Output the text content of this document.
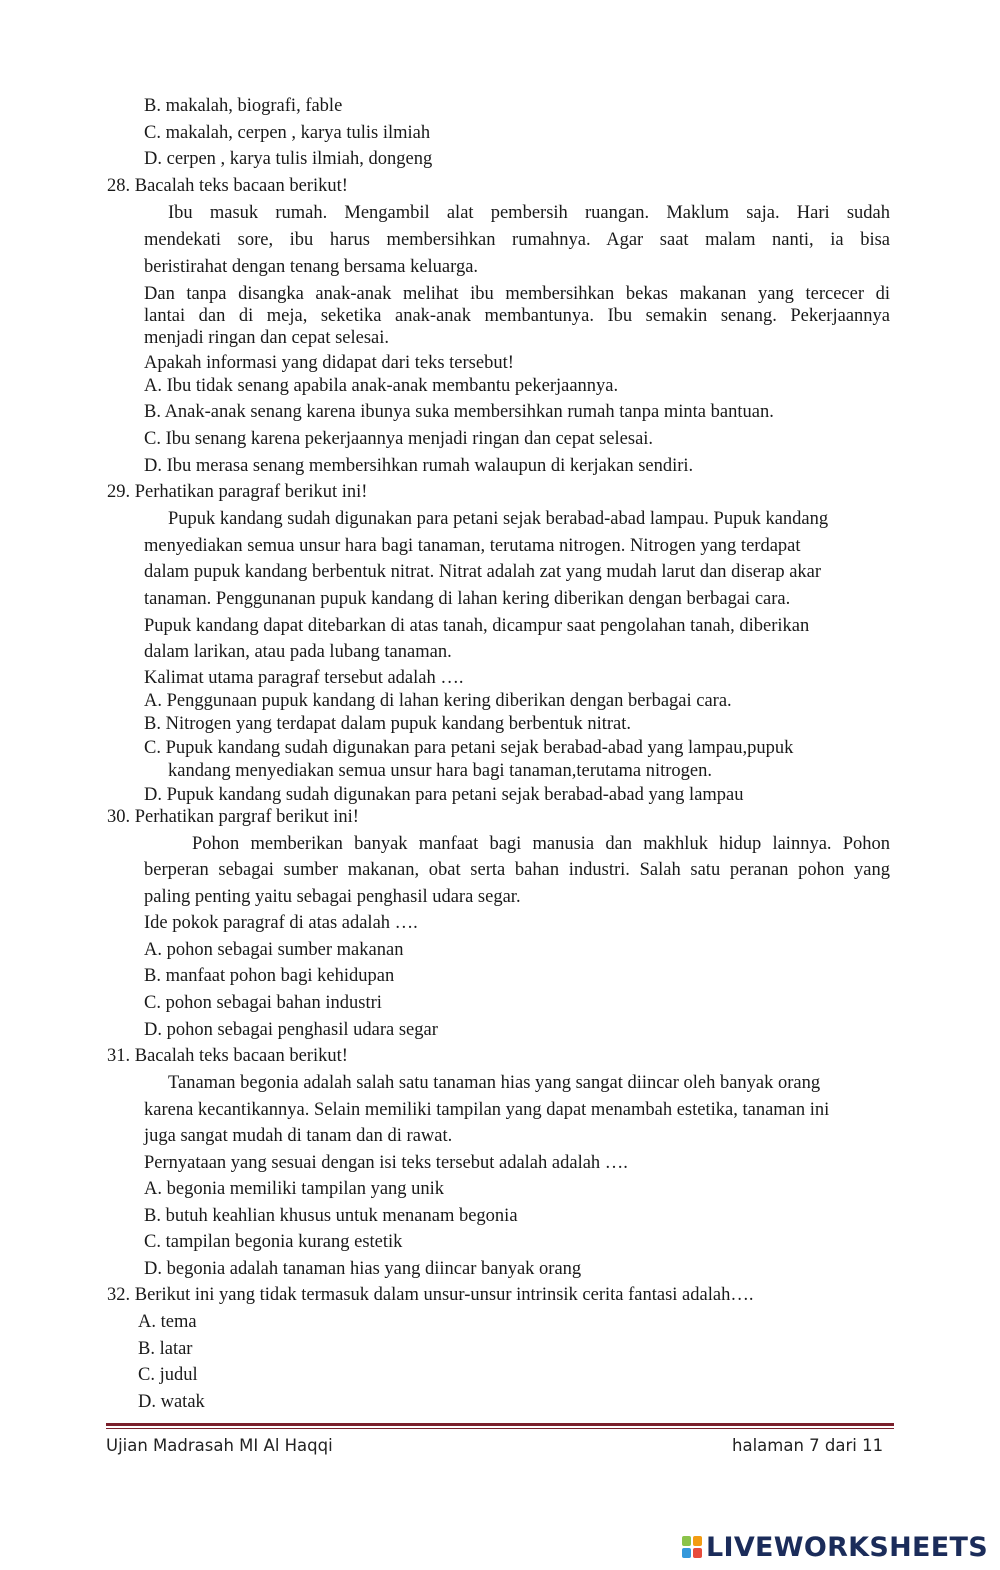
B. makalah, biografi, fable
C. makalah, cerpen , karya tulis ilmiah
D. cerpen , karya tulis ilmiah, dongeng
28. Bacalah teks bacaan berikut!
Ibu masuk rumah. Mengambil alat pembersih ruangan. Maklum saja. Hari sudah
mendekati sore, ibu harus membersihkan rumahnya. Agar saat malam nanti, ia bisa
beristirahat dengan tenang bersama keluarga.
Dan tanpa disangka anak-anak melihat ibu membersihkan bekas makanan yang tercecer di
lantai dan di meja, seketika anak-anak membantunya. Ibu semakin senang. Pekerjaannya
menjadi ringan dan cepat selesai.
Apakah informasi yang didapat dari teks tersebut!
A. Ibu tidak senang apabila anak-anak membantu pekerjaannya.
B. Anak-anak senang karena ibunya suka membersihkan rumah tanpa minta bantuan.
C. Ibu senang karena pekerjaannya menjadi ringan dan cepat selesai.
D. Ibu merasa senang membersihkan rumah walaupun di kerjakan sendiri.
29. Perhatikan paragraf berikut ini!
Pupuk kandang sudah digunakan para petani sejak berabad-abad lampau. Pupuk kandang
menyediakan semua unsur hara bagi tanaman, terutama nitrogen. Nitrogen yang terdapat
dalam pupuk kandang berbentuk nitrat. Nitrat adalah zat yang mudah larut dan diserap akar
tanaman. Penggunanan pupuk kandang di lahan kering diberikan dengan berbagai cara.
Pupuk kandang dapat ditebarkan di atas tanah, dicampur saat pengolahan tanah, diberikan
dalam larikan, atau pada lubang tanaman.
Kalimat utama paragraf tersebut adalah ….
A. Penggunaan pupuk kandang di lahan kering diberikan dengan berbagai cara.
B. Nitrogen yang terdapat dalam pupuk kandang berbentuk nitrat.
C. Pupuk kandang sudah digunakan para petani sejak berabad-abad yang lampau,pupuk
kandang menyediakan semua unsur hara bagi tanaman,terutama nitrogen.
D. Pupuk kandang sudah digunakan para petani sejak berabad-abad yang lampau
30. Perhatikan pargraf berikut ini!
Pohon memberikan banyak manfaat bagi manusia dan makhluk hidup lainnya. Pohon
berperan sebagai sumber makanan, obat serta bahan industri. Salah satu peranan pohon yang
paling penting yaitu sebagai penghasil udara segar.
Ide pokok paragraf di atas adalah ….
A. pohon sebagai sumber makanan
B. manfaat pohon bagi kehidupan
C. pohon sebagai bahan industri
D. pohon sebagai penghasil udara segar
31. Bacalah teks bacaan berikut!
Tanaman begonia adalah salah satu tanaman hias yang sangat diincar oleh banyak orang
karena kecantikannya. Selain memiliki tampilan yang dapat menambah estetika, tanaman ini
juga sangat mudah di tanam dan di rawat.
Pernyataan yang sesuai dengan isi teks tersebut adalah adalah ….
A. begonia memiliki tampilan yang unik
B. butuh keahlian khusus untuk menanam begonia
C. tampilan begonia kurang estetik
D. begonia adalah tanaman hias yang diincar banyak orang
32. Berikut ini yang tidak termasuk dalam unsur-unsur intrinsik cerita fantasi adalah….
A. tema
B. latar
C. judul
D. watak
Ujian Madrasah MI Al Haqqi	halaman 7 dari 11
LIVEWORKSHEETS
